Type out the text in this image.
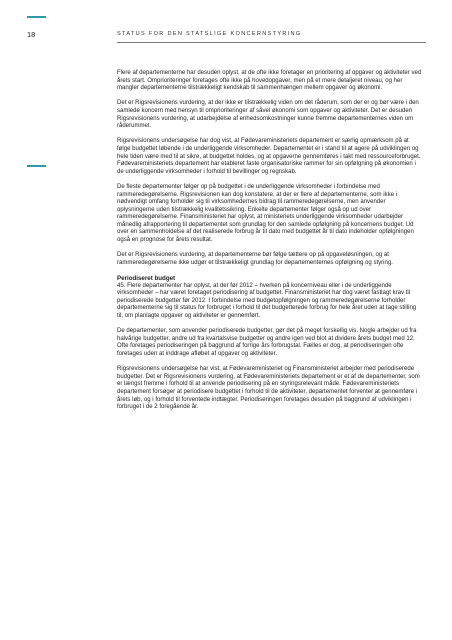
18	STATUS FOR DEN STATSLIGE KONCERNSTYRING

Flere af departementerne har desuden oplyst, at de ofte ikke foretager en prioritering af opgaver og aktiviteter ved årets start. Omprioriteringer foretages ofte ikke på hovedopgaver, men på et mere detaljeret niveau, og her mangler departementerne tilstrækkeligt kendskab til sammenhængen mellem opgaver og økonomi.

Det er Rigsrevisionens vurdering, at der ikke er tilstrækkelig viden om det råderum, som der er og bør være i den samlede koncern med hensyn til omprioriteringer af såvel økonomi som opgaver og aktiviteter. Det er desuden Rigsrevisionens vurdering, at udarbejdelse af enhedsomkostninger kunne fremme departementernes viden om råderummet.

Rigsrevisionens undersøgelse har dog vist, at Fødevareministeriets departement er særlig opmærksom på at følge budgettet løbende i de underliggende virksomheder. Departementet er i stand til at agere på udviklingen og hele tiden være med til at sikre, at budgettet holdes, og at opgaverne gennemføres i takt med ressourceforbruget. Fødevareministeriets departement har etableret faste organisatoriske rammer for sin opfølgning på økonomien i de underliggende virksomheder i forhold til bevillinger og regnskab.

De fleste departementer følger op på budgettet i de underliggende virksomheder i forbindelse med rammeredegørelserne. Rigsrevisionen kan dog konstatere, at der er flere af departementerne, som ikke i nødvendigt omfang forholder sig til virksomhedernes bidrag til rammeredegørelserne, men anvender oplysningerne uden tilstrækkelig kvalitetssikring. Enkelte departementer følger også op ud over rammeredegørelserne. Finansministeriet har oplyst, at ministeriets underliggende virksomheder udarbejder månedlig afrapportering til departementet som grundlag for den samlede opfølgning på koncernens budget. Ud over en sammenholdelse af det realiserede forbrug år til dato med budgettet år til dato indeholder opfølgningen også en prognose for årets resultat.

Det er Rigsrevisionens vurdering, at departementerne bør følge tættere op på opgaveløsningen, og at rammeredegørelserne ikke udgør et tilstrækkeligt grundlag for departementernes opfølgning og styring.

Periodiseret budget

45. Flere departementer har oplyst, at der før 2012 – hverken på koncerniveau eller i de underliggende virksomheder – har været foretaget periodisering af budgettet. Finansministeriet har dog været fastlagt krav til periodiserede budgetter før 2012. I forbindelse med budgetopfølgningen og rammeredegørelserne forholder departementerne sig til status for forbruget i forhold til det budgetterede forbrug for hele året uden at tage stilling til, om planlagte opgaver og aktiviteter er gennemført.

De departementer, som anvender periodiserede budgetter, gør det på meget forskellig vis. Nogle arbejder ud fra halvårige budgetter, andre ud fra kvartalsvise budgetter og andre igen ved blot at dividere årets budget med 12. Ofte foretages periodiseringen på baggrund af forrige års forbrugstal. Fælles er dog, at periodiseringen ofte foretages uden at inddrage afløbet af opgaver og aktiviteter.

Rigsrevisionens undersøgelse har vist, at Fødevareministeriet og Finansministeriet arbejder med periodiserede budgetter. Det er Rigsrevisionens vurdering, at Fødevareministeriets departement er et af de departementer, som er længst fremme i forhold til at anvende periodisering på en styringsrelevant måde. Fødevareministeriets departement forsøger at periodisere budgettet i forhold til de aktiviteter, departementet forventer at gennemføre i årets løb, og i forhold til forventede indtægter. Periodiseringen foretages desuden på baggrund af udviklingen i forbruget i de 2 foregående år.
